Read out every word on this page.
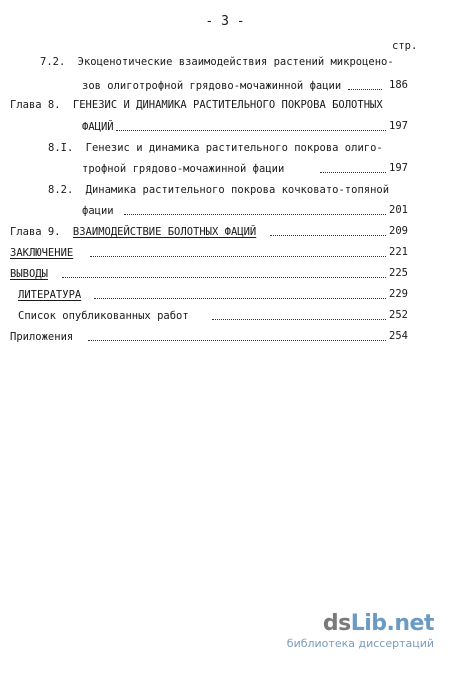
- 3 -
стр.
7.2. Экоценотические взаимодействия растений микроцено-
зов олиготрофной грядово-мочажинной фации	186
Глава 8. ГЕНЕЗИС И ДИНАМИКА РАСТИТЕЛЬНОГО ПОКРОВА БОЛОТНЫХ
ФАЦИЙ	197
8.I. Генезис и динамика растительного покрова олиго-
трофной грядово-мочажинной фации	197
8.2. Динамика растительного покрова кочковато-топяной
фации	201
Глава 9. ВЗАИМОДЕЙСТВИЕ БОЛОТНЫХ ФАЦИЙ	209
ЗАКЛЮЧЕНИЕ	221
ВЫВОДЫ	225
ЛИТЕРАТУРА	229
Список опубликованных работ	252
Приложения	254
dsLib.net
библиотека диссертаций
